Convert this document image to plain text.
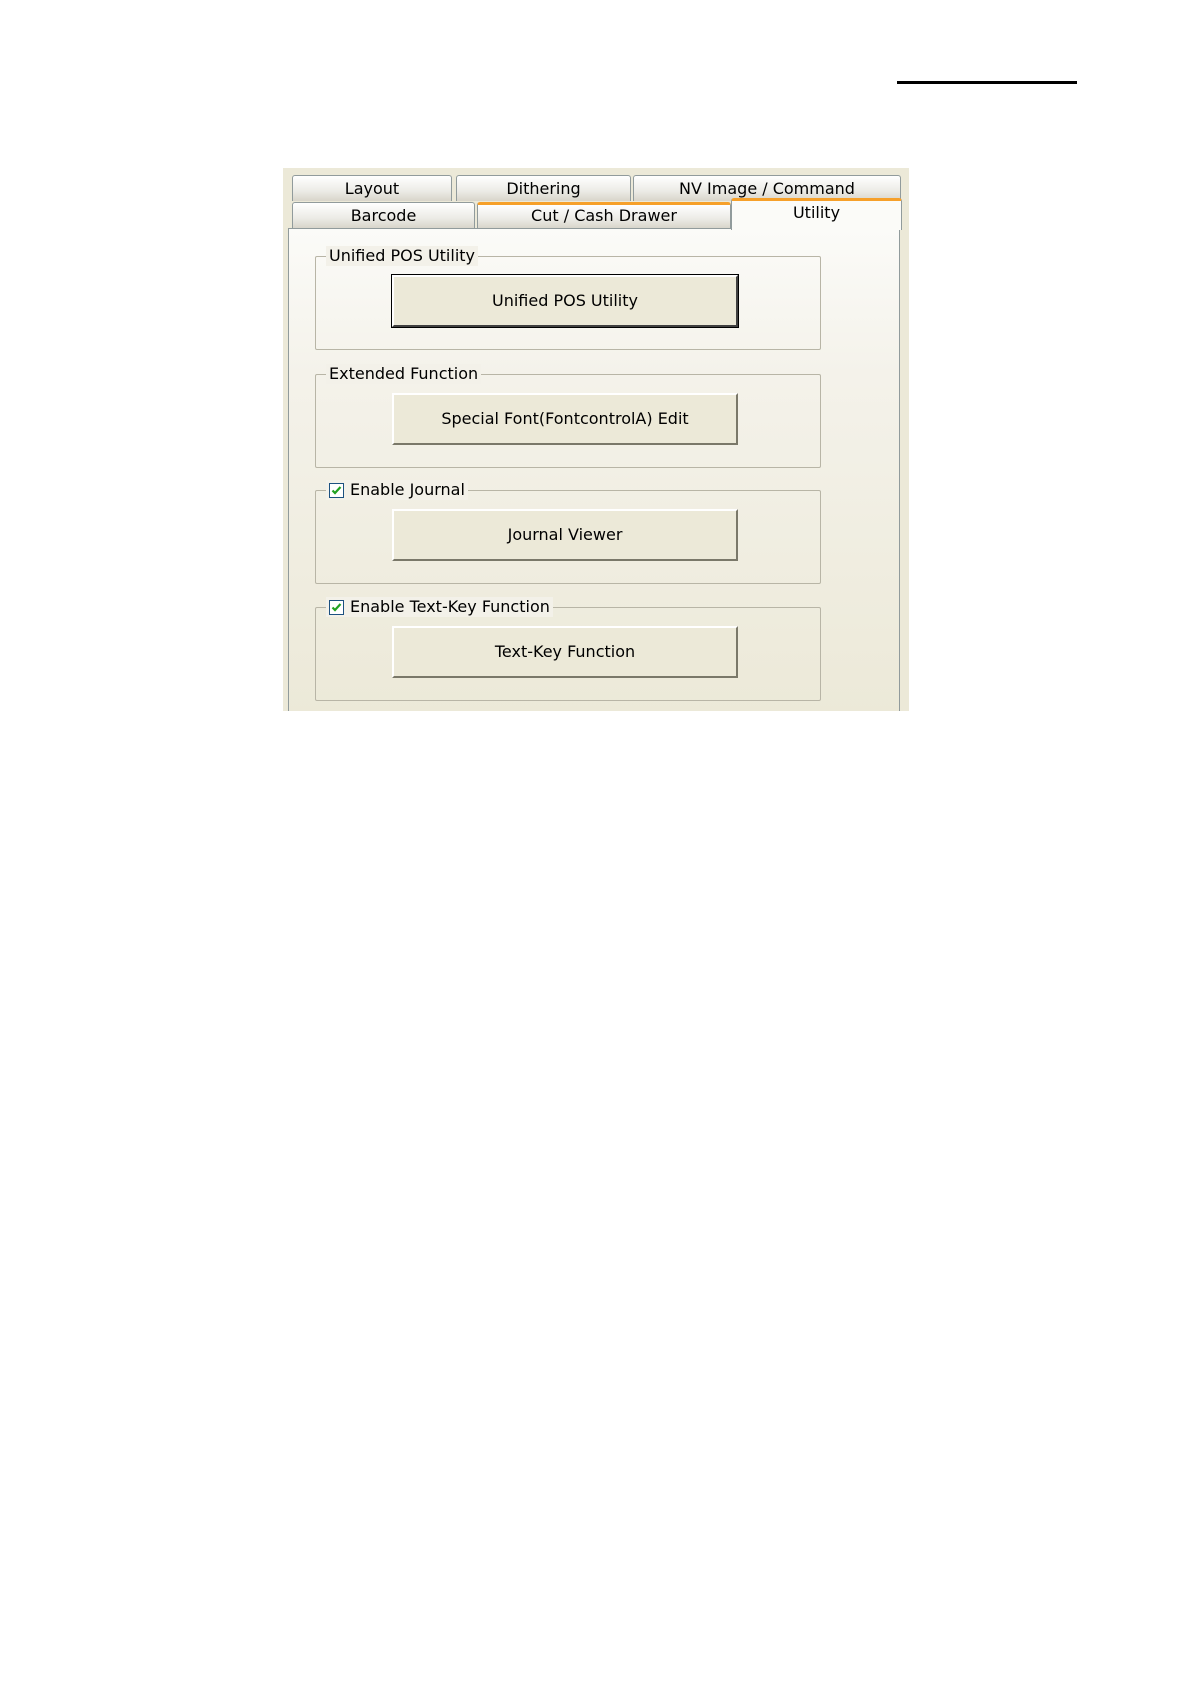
Layout	Dithering	NV Image / Command
Barcode	Cut / Cash Drawer	Utility
Unified POS Utility
Unified POS Utility
Extended Function
Special Font(FontcontrolA) Edit
Enable Journal
Journal Viewer
Enable Text-Key Function
Text-Key Function
